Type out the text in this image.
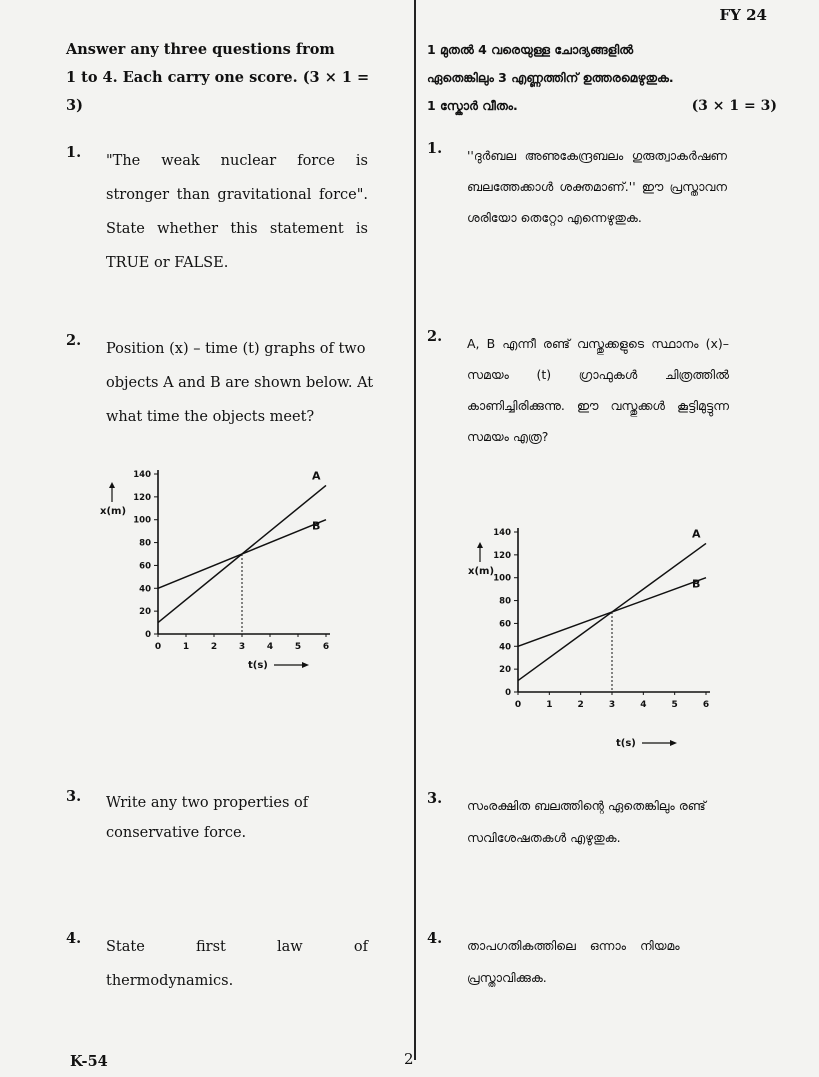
FY 24
Answer any three questions from
1 to 4. Each carry one score. (3 × 1 = 3)
1 മുതൽ 4 വരെയുള്ള ചോദ്യങ്ങളിൽ
ഏതെങ്കിലും 3 എണ്ണത്തിന് ഉത്തരമെഴുതുക.
1 സ്കോർ വീതം.	(3 × 1 = 3)
1.	"The weak nuclear force is stronger than gravitational force". State whether this statement is TRUE or FALSE.
1.	''ദുർബല അണുകേന്ദ്രബലം ഗുരുത്വാകർഷണ ബലത്തേക്കാൾ ശക്തമാണ്.'' ഈ പ്രസ്താവന ശരിയോ തെറ്റോ എന്നെഴുതുക.
2.	Position (x) – time (t) graphs of two objects A and B are shown below. At what time the objects meet?
2.	A, B എന്നീ രണ്ട് വസ്തുക്കളുടെ സ്ഥാനം (x)– സമയം (t) ഗ്രാഫുകൾ ചിത്രത്തിൽ കാണിച്ചിരിക്കുന്നു. ഈ വസ്തുക്കൾ കൂട്ടിമുട്ടുന്ന സമയം എത്ര?
0
20
40
60
80
100
120
140
0 1 2 3 4 5 6
x(m)
t(s)
A
B
0
20
40
60
80
100
120
140
0	1	2	3	4	5	6
x(m)
t(s)
A
B
3.	Write any two properties of conservative force.
3.	സംരക്ഷിത ബലത്തിന്റെ ഏതെങ്കിലും രണ്ട് സവിശേഷതകൾ എഴുതുക.
4.	State first law of thermodynamics.
4.	താപഗതികത്തിലെ ഒന്നാം നിയമം പ്രസ്താവിക്കുക.
K-54	2
